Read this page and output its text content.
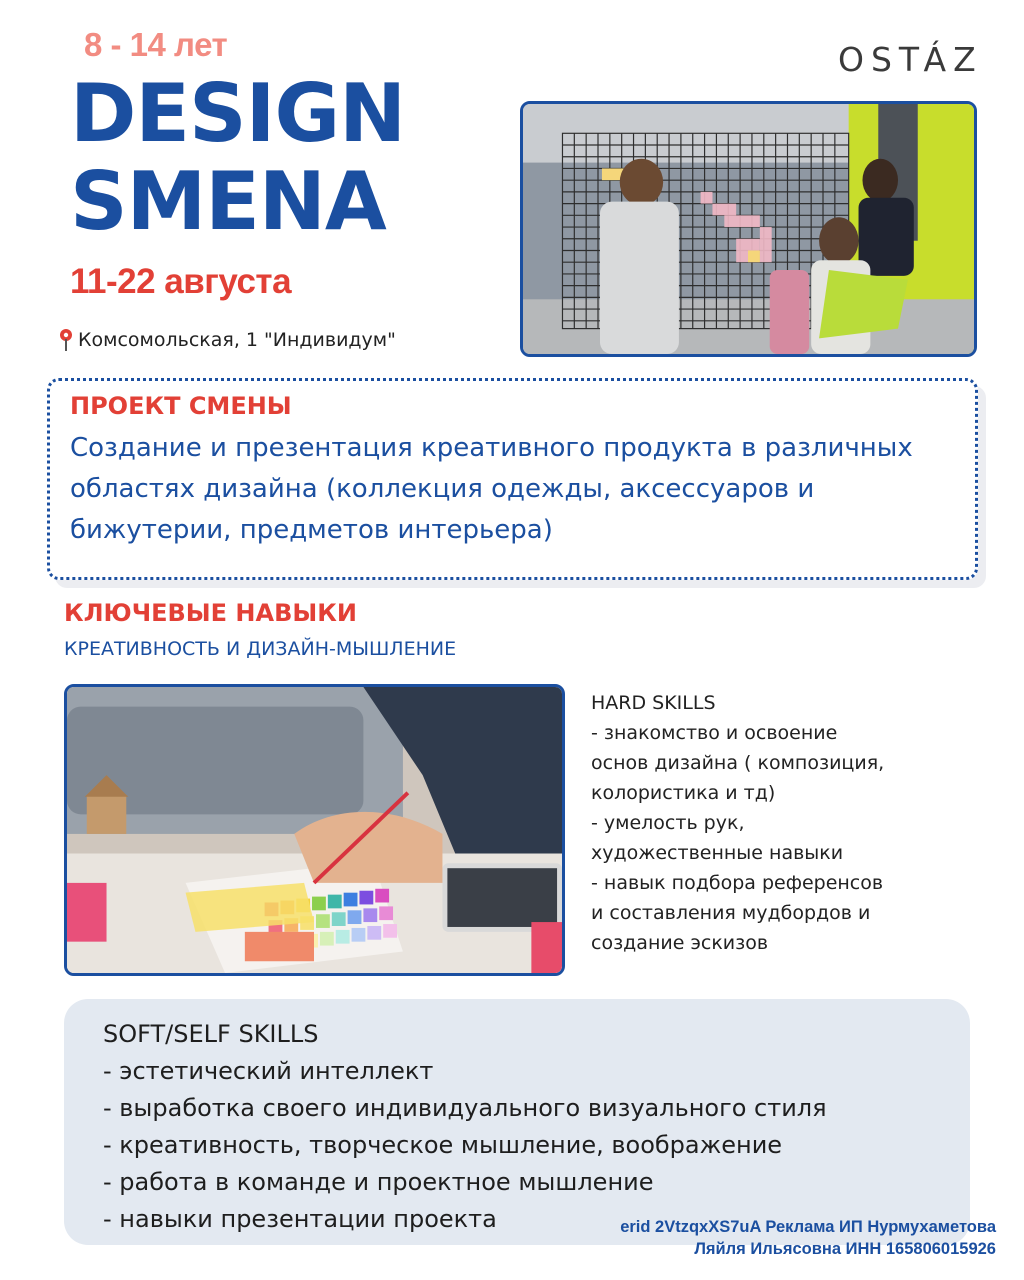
8 - 14 лет	OSTÁZ
DESIGN
SMENA
11-22 августа
Комсомольская, 1 "Индивидум"
ПРОЕКТ СМЕНЫ
Создание и презентация креативного продукта в различных
областях дизайна (коллекция одежды, аксессуаров и
бижутерии, предметов интерьера)
КЛЮЧЕВЫЕ НАВЫКИ
КРЕАТИВНОСТЬ И ДИЗАЙН-МЫШЛЕНИЕ
HARD SKILLS
- знакомство и освоение
основ дизайна ( композиция,
колористика и тд)
- умелость рук,
художественные навыки
- навык подбора референсов
и составления мудбордов и
создание эскизов
SOFT/SELF SKILLS
- эстетический интеллект
- выработка своего индивидуального визуального стиля
- креативность, творческое мышление, воображение
- работа в команде и проектное мышление
- навыки презентации проекта	erid 2VtzqxXS7uA Реклама ИП Нурмухаметова
Ляйля Ильясовна ИНН 165806015926
